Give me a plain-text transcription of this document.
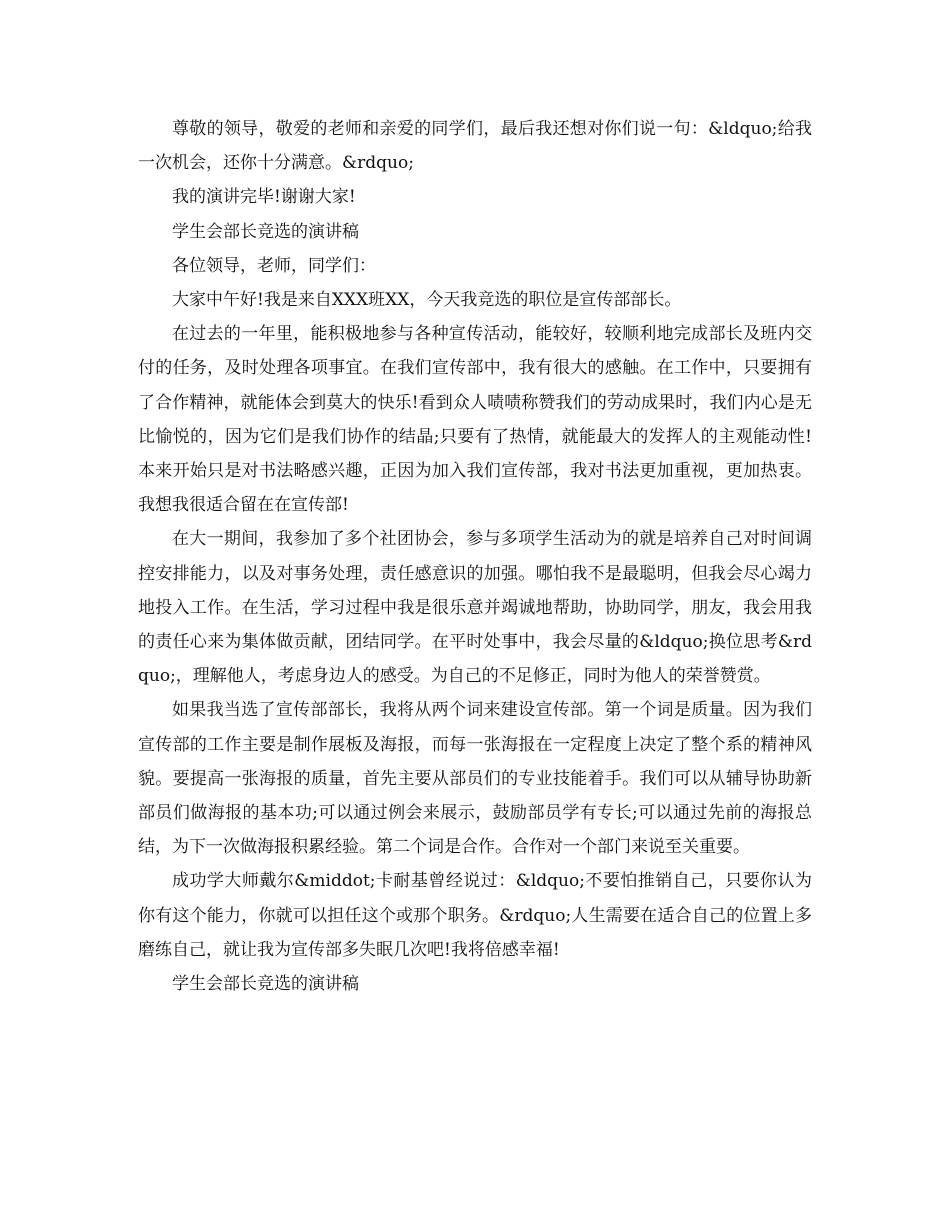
尊敬的领导，敬爱的老师和亲爱的同学们，最后我还想对你们说一句：&ldquo;给我一次机会，还你十分满意。&rdquo;

我的演讲完毕!谢谢大家!

学生会部长竞选的演讲稿

各位领导，老师，同学们：

大家中午好!我是来自XXX班XX，今天我竞选的职位是宣传部部长。

在过去的一年里，能积极地参与各种宣传活动，能较好，较顺利地完成部长及班内交付的任务，及时处理各项事宜。在我们宣传部中，我有很大的感触。在工作中，只要拥有了合作精神，就能体会到莫大的快乐!看到众人啧啧称赞我们的劳动成果时，我们内心是无比愉悦的，因为它们是我们协作的结晶;只要有了热情，就能最大的发挥人的主观能动性!本来开始只是对书法略感兴趣，正因为加入我们宣传部，我对书法更加重视，更加热衷。我想我很适合留在在宣传部!

在大一期间，我参加了多个社团协会，参与多项学生活动为的就是培养自己对时间调控安排能力，以及对事务处理，责任感意识的加强。哪怕我不是最聪明，但我会尽心竭力地投入工作。在生活，学习过程中我是很乐意并竭诚地帮助，协助同学，朋友，我会用我的责任心来为集体做贡献，团结同学。在平时处事中，我会尽量的&ldquo;换位思考&rdquo;，理解他人，考虑身边人的感受。为自己的不足修正，同时为他人的荣誉赞赏。

如果我当选了宣传部部长，我将从两个词来建设宣传部。第一个词是质量。因为我们宣传部的工作主要是制作展板及海报，而每一张海报在一定程度上决定了整个系的精神风貌。要提高一张海报的质量，首先主要从部员们的专业技能着手。我们可以从辅导协助新部员们做海报的基本功;可以通过例会来展示，鼓励部员学有专长;可以通过先前的海报总结，为下一次做海报积累经验。第二个词是合作。合作对一个部门来说至关重要。

成功学大师戴尔&middot;卡耐基曾经说过：&ldquo;不要怕推销自己，只要你认为你有这个能力，你就可以担任这个或那个职务。&rdquo;人生需要在适合自己的位置上多磨练自己，就让我为宣传部多失眠几次吧!我将倍感幸福!

学生会部长竞选的演讲稿
